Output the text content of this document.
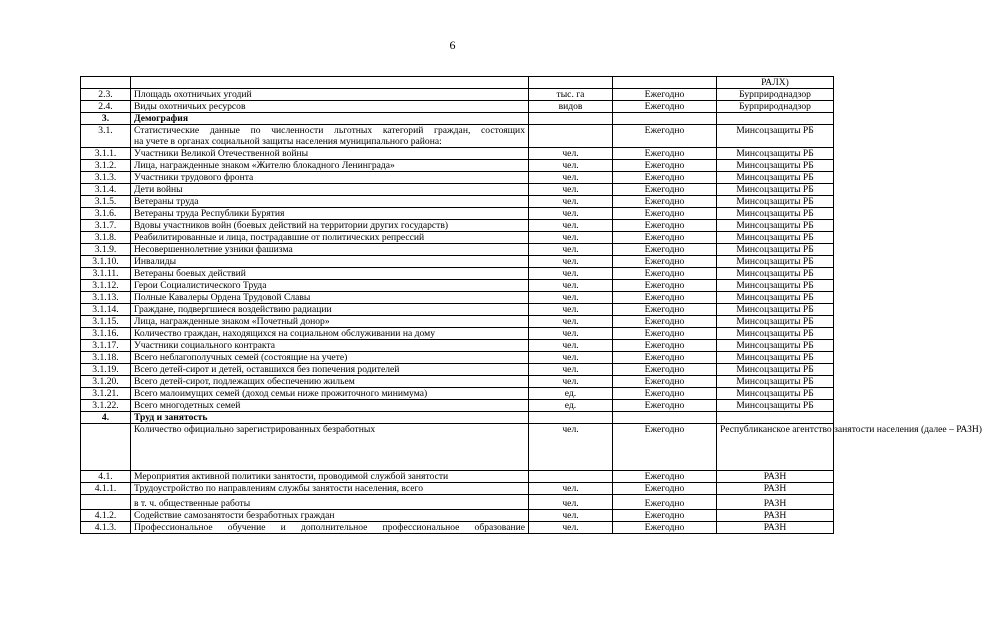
6
				РАЛХ)
2.3.	Площадь охотничьих угодий	тыс. га	Ежегодно	Бурприроднадзор
2.4.	Виды охотничьих ресурсов	видов	Ежегодно	Бурприроднадзор
3.	Демография			
3.1.	Статистические данные по численности льготных категорий граждан, состоящих
на учете в органах социальной защиты населения муниципального района:		Ежегодно	Минсоцзащиты РБ
3.1.1.	Участники Великой Отечественной войны	чел.	Ежегодно	Минсоцзащиты РБ
3.1.2.	Лица, награжденные знаком «Жителю блокадного Ленинграда»	чел.	Ежегодно	Минсоцзащиты РБ
3.1.3.	Участники трудового фронта	чел.	Ежегодно	Минсоцзащиты РБ
3.1.4.	Дети войны	чел.	Ежегодно	Минсоцзащиты РБ
3.1.5.	Ветераны труда	чел.	Ежегодно	Минсоцзащиты РБ
3.1.6.	Ветераны труда Республики Бурятия	чел.	Ежегодно	Минсоцзащиты РБ
3.1.7.	Вдовы участников войн (боевых действий на территории других государств)	чел.	Ежегодно	Минсоцзащиты РБ
3.1.8.	Реабилитированные и лица, пострадавшие от политических репрессий	чел.	Ежегодно	Минсоцзащиты РБ
3.1.9.	Несовершеннолетние узники фашизма	чел.	Ежегодно	Минсоцзащиты РБ
3.1.10.	Инвалиды	чел.	Ежегодно	Минсоцзащиты РБ
3.1.11.	Ветераны боевых действий	чел.	Ежегодно	Минсоцзащиты РБ
3.1.12.	Герои Социалистического Труда	чел.	Ежегодно	Минсоцзащиты РБ
3.1.13.	Полные Кавалеры Ордена Трудовой Славы	чел.	Ежегодно	Минсоцзащиты РБ
3.1.14.	Граждане, подвергшиеся воздействию радиации	чел.	Ежегодно	Минсоцзащиты РБ
3.1.15.	Лица, награжденные знаком «Почетный донор»	чел.	Ежегодно	Минсоцзащиты РБ
3.1.16.	Количество граждан, находящихся на социальном обслуживании на дому	чел.	Ежегодно	Минсоцзащиты РБ
3.1.17.	Участники социального контракта	чел.	Ежегодно	Минсоцзащиты РБ
3.1.18.	Всего неблагополучных семей (состоящие на учете)	чел.	Ежегодно	Минсоцзащиты РБ
3.1.19.	Всего детей-сирот и детей, оставшихся без попечения родителей	чел.	Ежегодно	Минсоцзащиты РБ
3.1.20.	Всего детей-сирот, подлежащих обеспечению жильем	чел.	Ежегодно	Минсоцзащиты РБ
3.1.21.	Всего малоимущих семей (доход семьи ниже прожиточного минимума)	ед.	Ежегодно	Минсоцзащиты РБ
3.1.22.	Всего многодетных семей	ед.	Ежегодно	Минсоцзащиты РБ
4.	Труд и занятость			
	Количество официально зарегистрированных безработных	чел.	Ежегодно	Республиканское агентство занятости населения (далее – РАЗН)
4.1.	Мероприятия активной политики занятости, проводимой службой занятости		Ежегодно	РАЗН
4.1.1.	Трудоустройство по направлениям службы занятости населения, всего	чел.	Ежегодно	РАЗН
	в т. ч. общественные работы	чел.	Ежегодно	РАЗН
4.1.2.	Содействие самозанятости безработных граждан	чел.	Ежегодно	РАЗН
4.1.3.	Профессиональное обучение и дополнительное профессиональное образование	чел.	Ежегодно	РАЗН
